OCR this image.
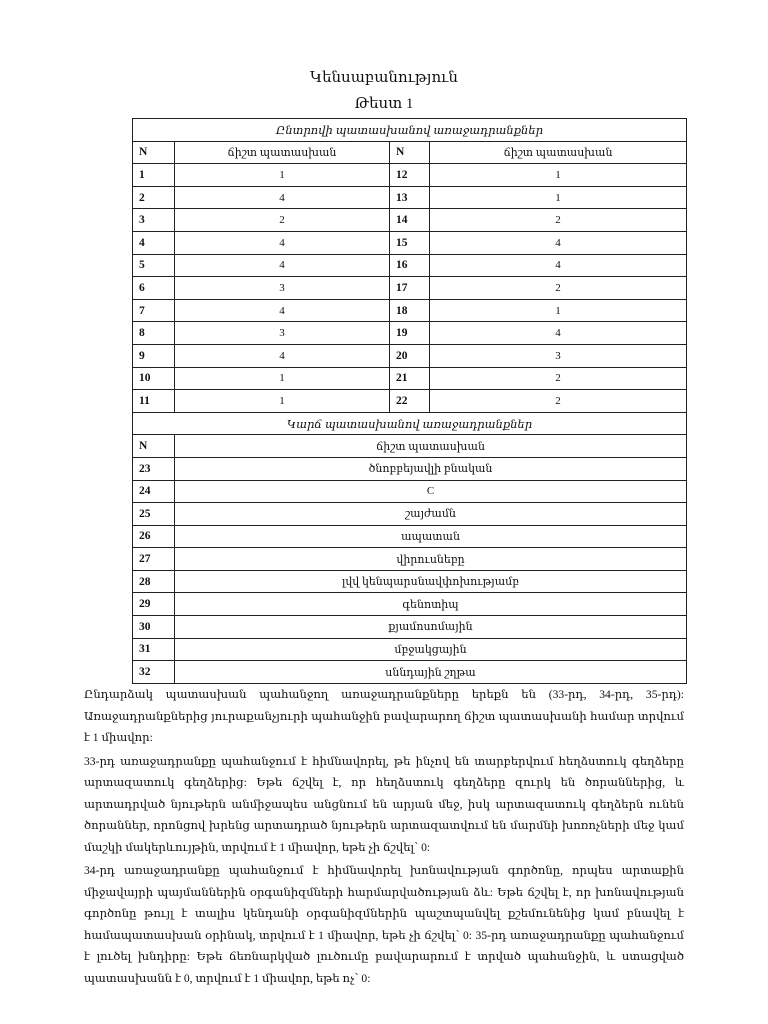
Կենսաբանություն
Թեստ 1
Ընտրովի պատասխանով առաջադրանքներ			
N	ճիշտ պատասխան	N	ճիշտ պատասխան
1	1	12	1
2	4	13	1
3	2	14	2
4	4	15	4
5	4	16	4
6	3	17	2
7	4	18	1
8	3	19	4
9	4	20	3
10	1	21	2
11	1	22	2
Կարճ պատասխանով առաջադրանքներ			
N	ճիշտ պատասխան		
23	ծնոբբեյավլի բնական		
24	C		
25	շայժամն		
26	ապատան		
27	վիրուսնեբը		
28	լվվ կենպարսնավփոխությամբ		
29	գենոտիպ		
30	քյամոսոմային		
31	մբջակցային		
32	սննդային շղթա		

Ընդարձակ պատասխան պահանջող առաջադրանքները երեքն են (33-րդ, 34-րդ, 35-րդ): Առաջադրանքներից յուրաքանչյուրի պահանջին բավարարող ճիշտ պատասխանի համար տրվում է 1 միավոր:

33-րդ առաջադրանքը պահանջում է հիմնավորել, թե ինչով են տարբերվում հեղձստուկ գեղձերը արտազատուկ գեղձերից: Եթե ճշվել է, որ հեղձստուկ գեղձերը զուրկ են ծորաններից, և արտադրված նյութերն անմիջապես անցնում են արյան մեջ, իսկ արտազատուկ գեղձերն ունեն ծորաններ, որոնցով խրենց արտադրած նյութերն արտազատվում են մարմնի խոռոչների մեջ կամ մաշկի մակերևույթին, տրվում է 1 միավոր, եթե չի ճշվել՝ 0:

34-րդ առաջադրանքը պահանջում է հիմնավորել խոնավության գործոնը, որպես արտաքին միջավայրի պայմաններին օրգանիզմների հարմարվածության ձև: Եթե ճշվել է, որ խոնավության գործոնը թույլ է տալիս կենդանի օրգանիզմներին պաշտպանվել քշեմունենից կամ բնավել է համապատասխան օրինակ, տրվում է 1 միավոր, եթե չի ճշվել՝ 0: 35-րդ առաջադրանքը պահանջում է լուծել խնդիրը: Եթե ճեռնարկված լուծումը բավարարում է տրված պահանջին, և ստացված պատասխանն է 0, տրվում է 1 միավոր, եթե ոչ՝ 0:
